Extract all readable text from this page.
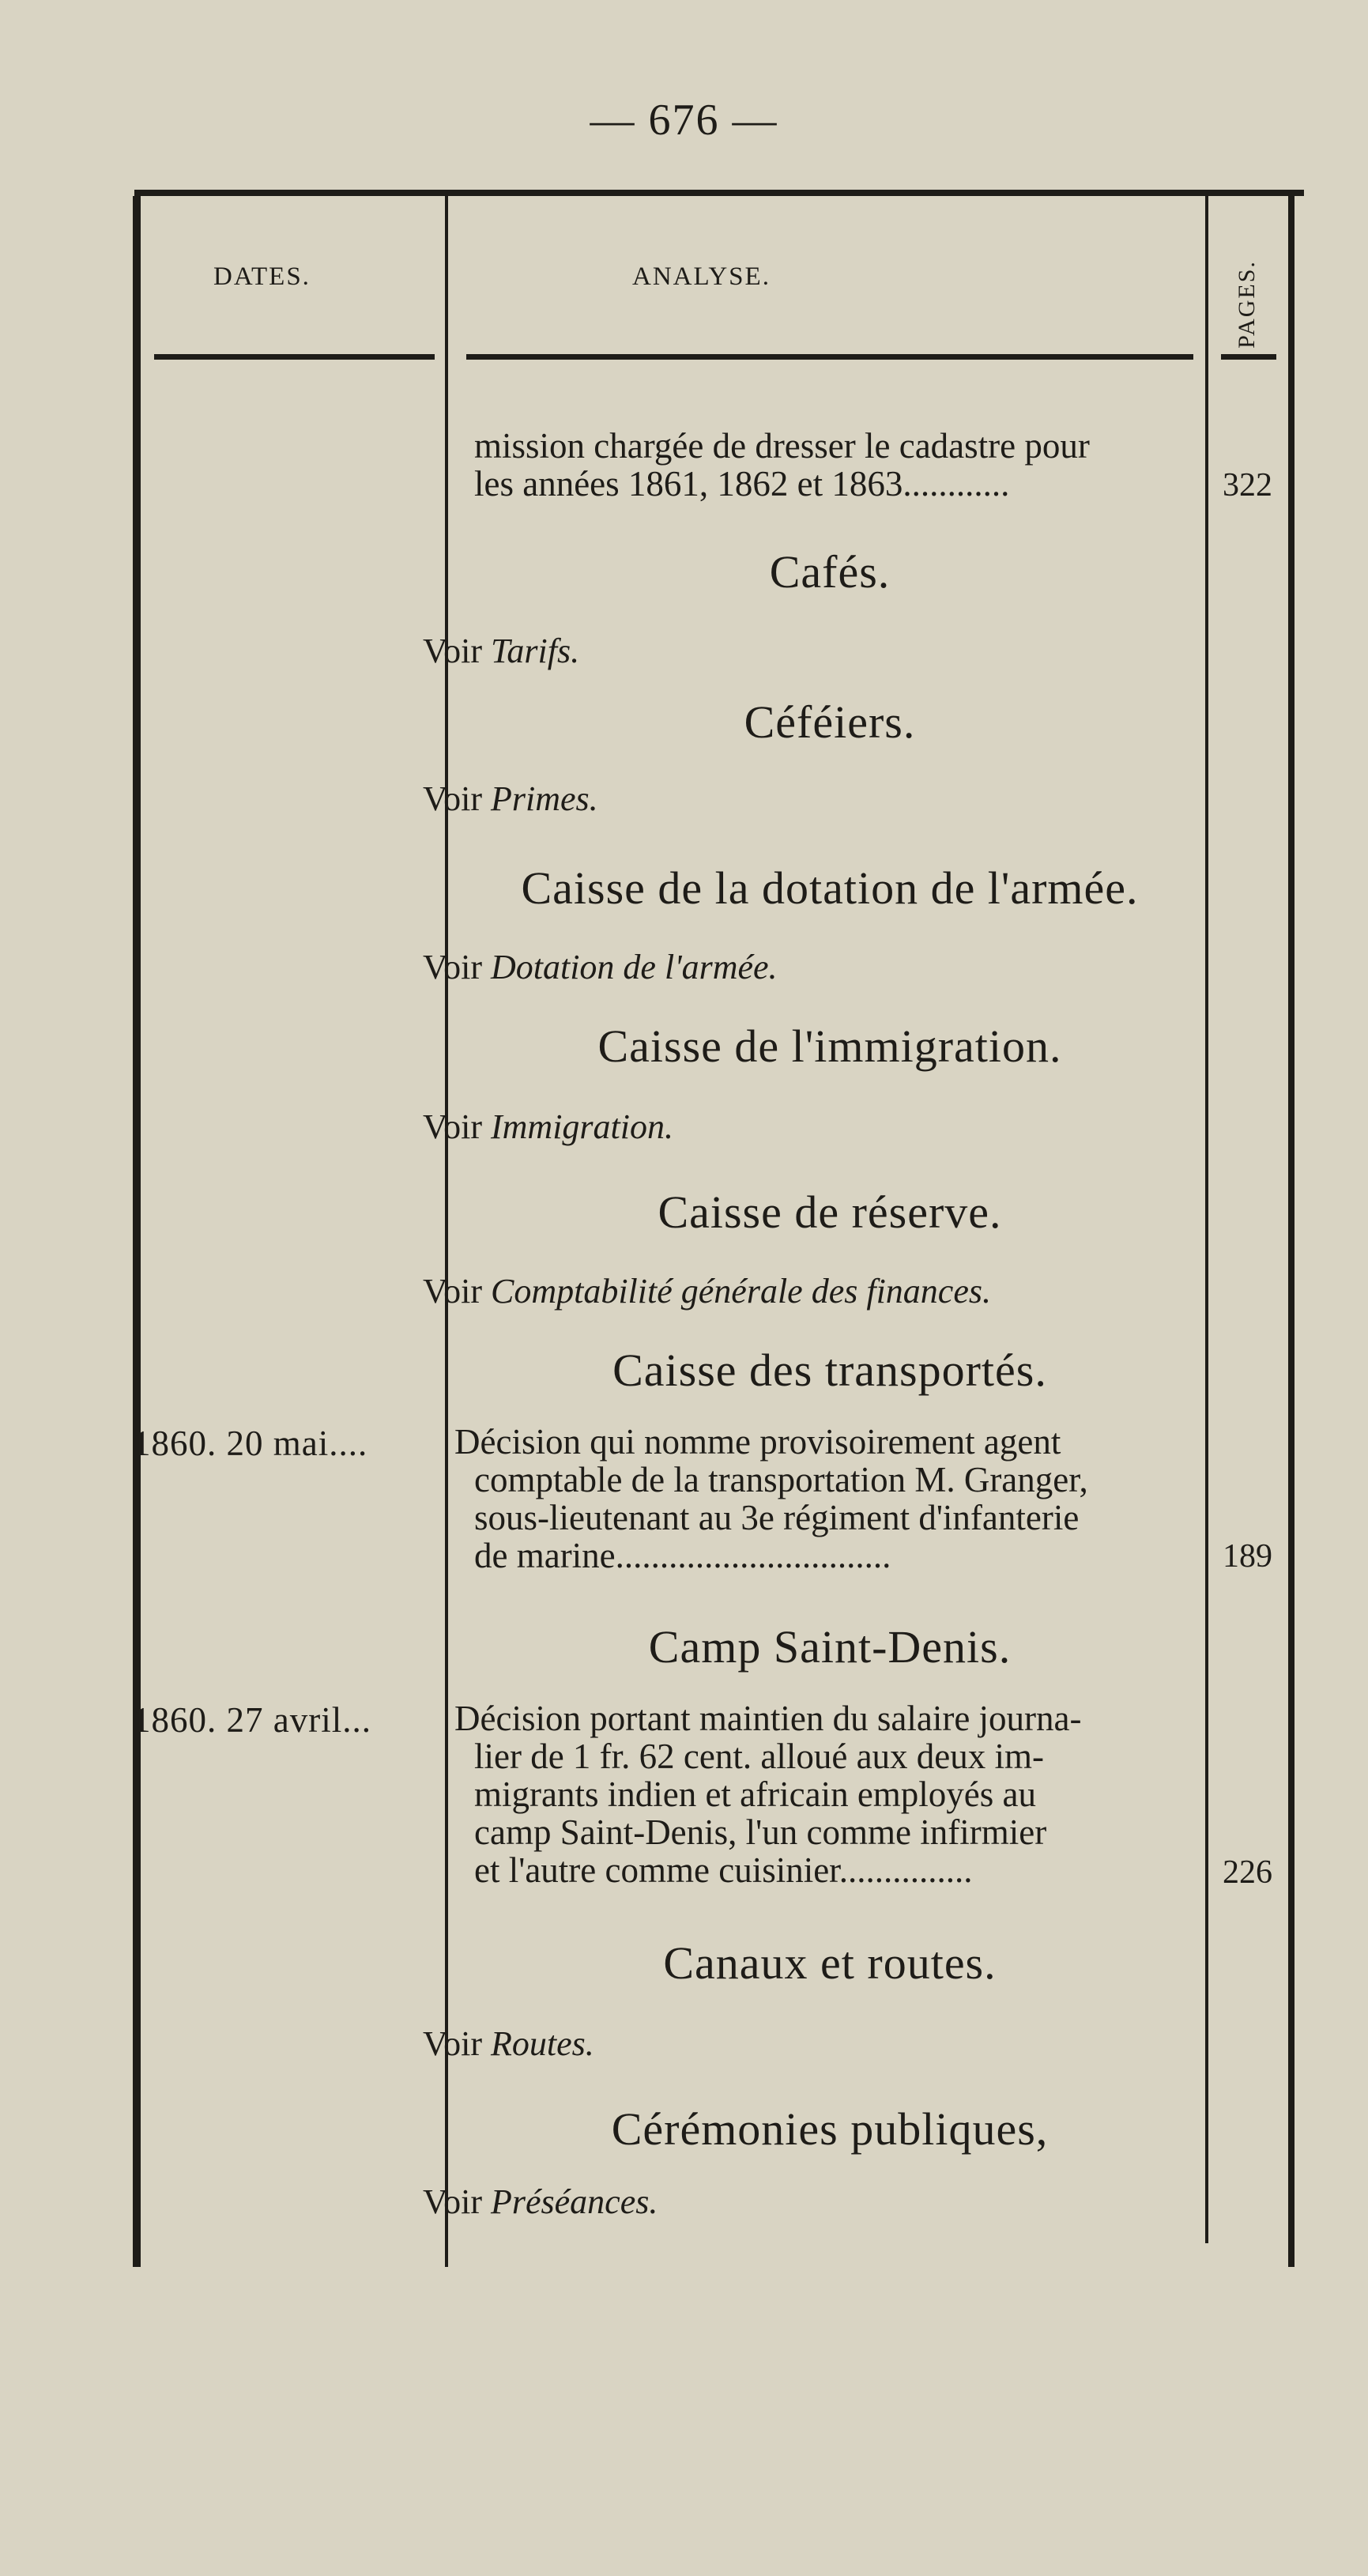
— 676 —
DATES.	ANALYSE.	PAGES.
mission chargée de dresser le cadastre pour
les années 1861, 1862 et 1863............	322
Cafés.
Voir Tarifs.
Céféiers.
Voir Primes.
Caisse de la dotation de l'armée.
Voir Dotation de l'armée.
Caisse de l'immigration.
Voir Immigration.
Caisse de réserve.
Voir Comptabilité générale des finances.
Caisse des transportés.
1860. 20 mai.... Décision qui nomme provisoirement agent
comptable de la transportation M. Granger,
sous-lieutenant au 3e régiment d'infanterie
de marine...............................	189
Camp Saint-Denis.
1860. 27 avril... Décision portant maintien du salaire journa-
lier de 1 fr. 62 cent. alloué aux deux im-
migrants indien et africain employés au
camp Saint-Denis, l'un comme infirmier
et l'autre comme cuisinier...............	226
Canaux et routes.
Voir Routes.
Cérémonies publiques,
Voir Préséances.
